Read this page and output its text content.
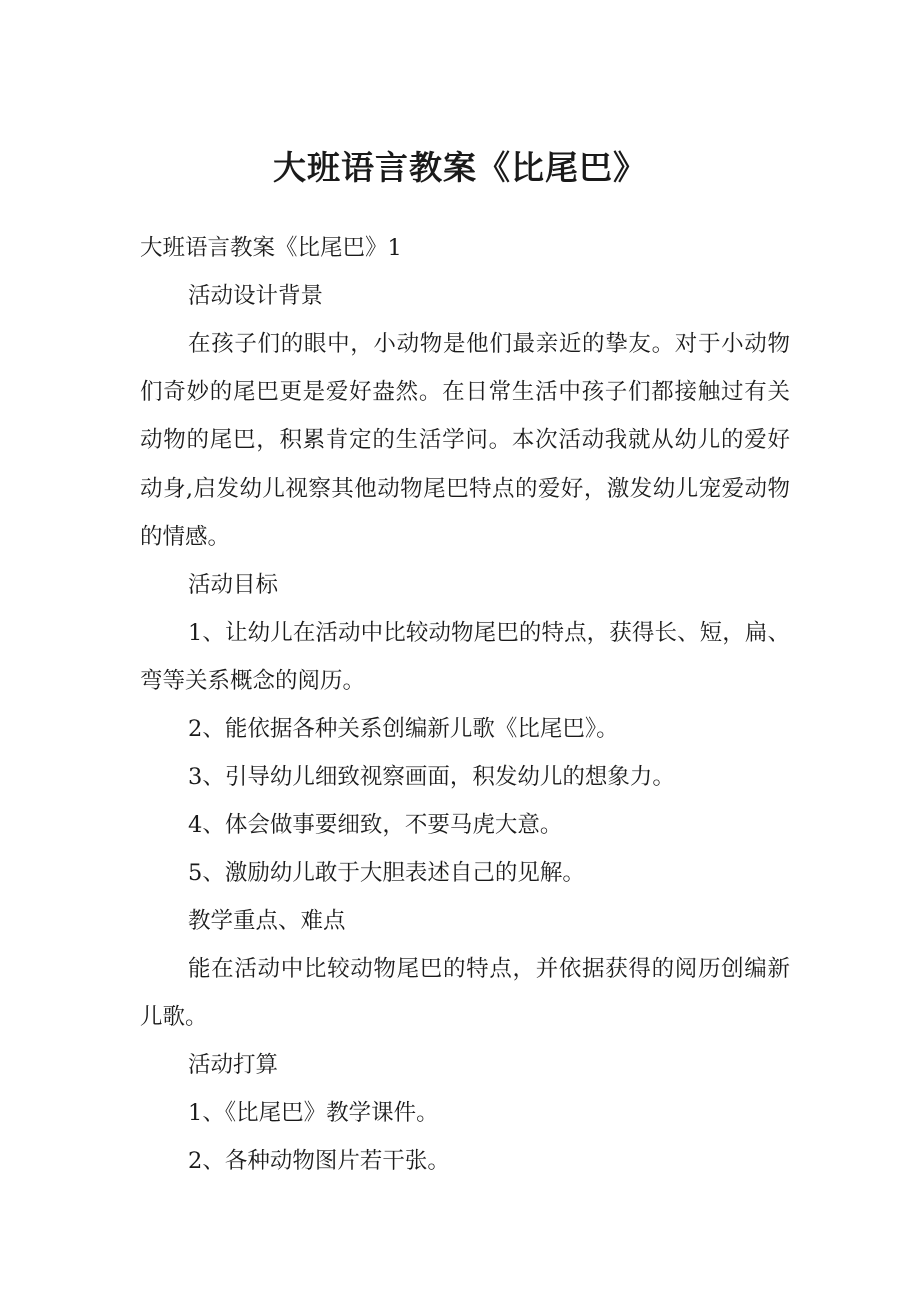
大班语言教案《比尾巴》

大班语言教案《比尾巴》1

活动设计背景

在孩子们的眼中，小动物是他们最亲近的挚友。对于小动物们奇妙的尾巴更是爱好盎然。在日常生活中孩子们都接触过有关动物的尾巴，积累肯定的生活学问。本次活动我就从幼儿的爱好动身,启发幼儿视察其他动物尾巴特点的爱好，激发幼儿宠爱动物的情感。

活动目标

1、让幼儿在活动中比较动物尾巴的特点，获得长、短，扁、弯等关系概念的阅历。

2、能依据各种关系创编新儿歌《比尾巴》。

3、引导幼儿细致视察画面，积发幼儿的想象力。

4、体会做事要细致，不要马虎大意。

5、激励幼儿敢于大胆表述自己的见解。

教学重点、难点

能在活动中比较动物尾巴的特点，并依据获得的阅历创编新儿歌。

活动打算

1、《比尾巴》教学课件。

2、各种动物图片若干张。
